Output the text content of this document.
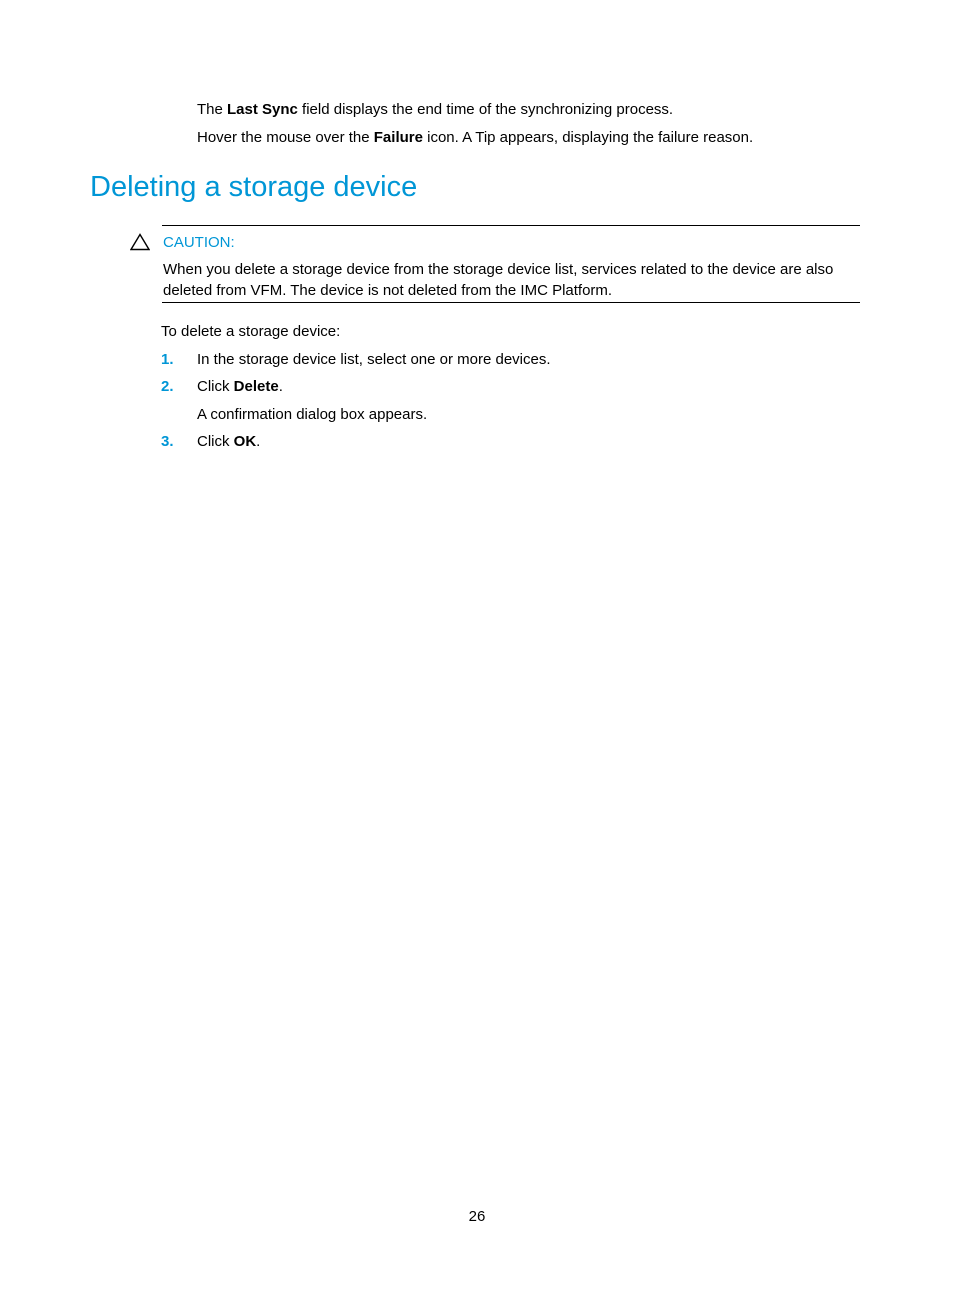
The Last Sync field displays the end time of the synchronizing process.
Hover the mouse over the Failure icon. A Tip appears, displaying the failure reason.
Deleting a storage device
CAUTION:
When you delete a storage device from the storage device list, services related to the device are also
deleted from VFM. The device is not deleted from the IMC Platform.
To delete a storage device:
1. In the storage device list, select one or more devices.
2. Click Delete.
A confirmation dialog box appears.
3. Click OK.
26
